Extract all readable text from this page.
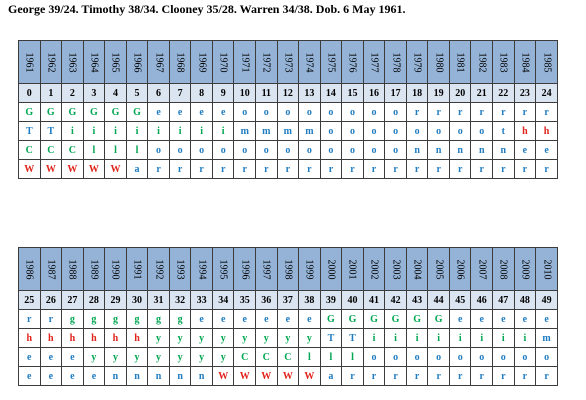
George 39/24. Timothy 38/34. Clooney 35/28. Warren 34/38. Dob. 6 May 1961.
1961	1962	1963	1964	1965	1966	1967	1968	1969	1970	1971	1972	1973	1974	1975	1976	1977	1978	1979	1980	1981	1982	1983	1984	1985
0	1	2	3	4	5	6	7	8	9	10	11	12	13	14	15	16	17	18	19	20	21	22	23	24
G	G	G	G	G	G	e	e	e	e	o	o	o	o	o	o	o	o	r	r	r	r	r	r	r
T	T	i	i	i	i	i	i	i	i	m	m	m	m	o	o	o	o	o	o	o	o	t	h	h
C	C	C	l	l	l	o	o	o	o	o	o	o	o	o	o	o	o	n	n	n	n	n	e	e
W	W	W	W	W	a	r	r	r	r	r	r	r	r	r	r	r	r	r	r	r	r	r	r	r
1986	1987	1988	1989	1990	1991	1992	1993	1994	1995	1996	1997	1998	1999	2000	2001	2002	2003	2004	2005	2006	2007	2008	2009	2010
25	26	27	28	29	30	31	32	33	34	35	36	37	38	39	40	41	42	43	44	45	46	47	48	49
r	r	g	g	g	g	g	g	e	e	e	e	e	e	G	G	G	G	G	G	e	e	e	e	e
h	h	h	h	h	h	y	y	y	y	y	y	y	y	T	T	i	i	i	i	i	i	i	i	m
e	e	e	y	y	y	y	y	y	y	C	C	C	l	l	l	o	o	o	o	o	o	o	o	o
e	e	e	e	n	n	n	n	n	W	W	W	W	W	a	r	r	r	r	r	r	r	r	r	r
